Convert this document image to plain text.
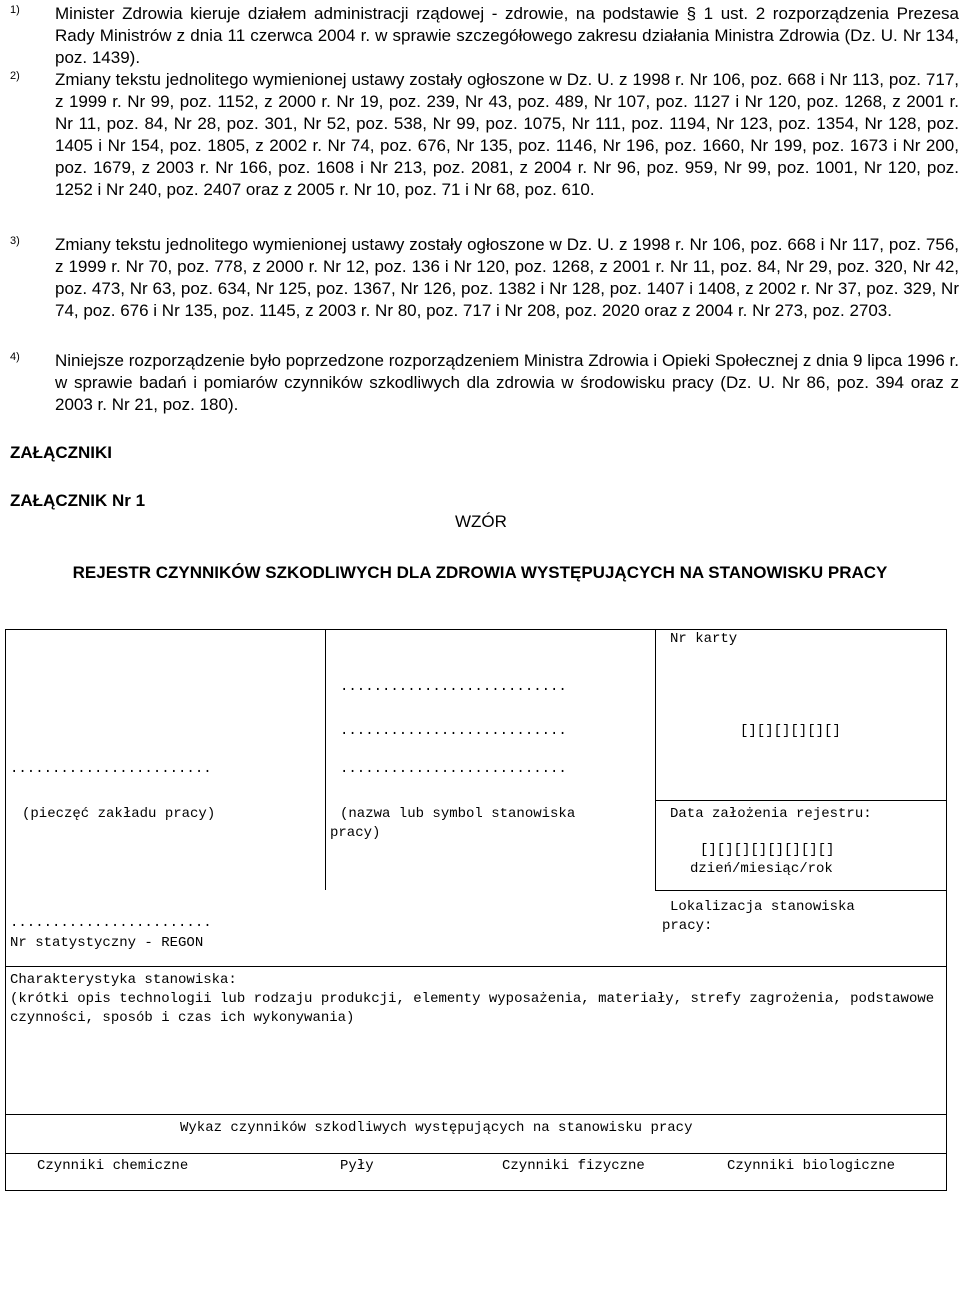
1) Minister Zdrowia kieruje działem administracji rządowej - zdrowie, na podstawie § 1 ust. 2 rozporządzenia Prezesa Rady Ministrów z dnia 11 czerwca 2004 r. w sprawie szczegółowego zakresu działania Ministra Zdrowia (Dz. U. Nr 134, poz. 1439).
2) Zmiany tekstu jednolitego wymienionej ustawy zostały ogłoszone w Dz. U. z 1998 r. Nr 106, poz. 668 i Nr 113, poz. 717, z 1999 r. Nr 99, poz. 1152, z 2000 r. Nr 19, poz. 239, Nr 43, poz. 489, Nr 107, poz. 1127 i Nr 120, poz. 1268, z 2001 r. Nr 11, poz. 84, Nr 28, poz. 301, Nr 52, poz. 538, Nr 99, poz. 1075, Nr 111, poz. 1194, Nr 123, poz. 1354, Nr 128, poz. 1405 i Nr 154, poz. 1805, z 2002 r. Nr 74, poz. 676, Nr 135, poz. 1146, Nr 196, poz. 1660, Nr 199, poz. 1673 i Nr 200, poz. 1679, z 2003 r. Nr 166, poz. 1608 i Nr 213, poz. 2081, z 2004 r. Nr 96, poz. 959, Nr 99, poz. 1001, Nr 120, poz. 1252 i Nr 240, poz. 2407 oraz z 2005 r. Nr 10, poz. 71 i Nr 68, poz. 610.
3) Zmiany tekstu jednolitego wymienionej ustawy zostały ogłoszone w Dz. U. z 1998 r. Nr 106, poz. 668 i Nr 117, poz. 756, z 1999 r. Nr 70, poz. 778, z 2000 r. Nr 12, poz. 136 i Nr 120, poz. 1268, z 2001 r. Nr 11, poz. 84, Nr 29, poz. 320, Nr 42, poz. 473, Nr 63, poz. 634, Nr 125, poz. 1367, Nr 126, poz. 1382 i Nr 128, poz. 1407 i 1408, z 2002 r. Nr 37, poz. 329, Nr 74, poz. 676 i Nr 135, poz. 1145, z 2003 r. Nr 80, poz. 717 i Nr 208, poz. 2020 oraz z 2004 r. Nr 273, poz. 2703.
4) Niniejsze rozporządzenie było poprzedzone rozporządzeniem Ministra Zdrowia i Opieki Społecznej z dnia 9 lipca 1996 r. w sprawie badań i pomiarów czynników szkodliwych dla zdrowia w środowisku pracy (Dz. U. Nr 86, poz. 394 oraz z 2003 r. Nr 21, poz. 180).
ZAŁĄCZNIKI
ZAŁĄCZNIK Nr 1
WZÓR
REJESTR CZYNNIKÓW SZKODLIWYCH DLA ZDROWIA WYSTĘPUJĄCYCH NA STANOWISKU PRACY
........................
(pieczęć zakładu pracy)
........................
Nr statystyczny - REGON
...........................
...........................
...........................
(nazwa lub symbol stanowiska pracy)
Nr karty
[][][][][][]
Data założenia rejestru:
[][][][][][][][]
dzień/miesiąc/rok
Lokalizacja stanowiska pracy:
Charakterystyka stanowiska:
(krótki opis technologii lub rodzaju produkcji, elementy wyposażenia, materiały, strefy zagrożenia, podstawowe czynności, sposób i czas ich wykonywania)
Wykaz czynników szkodliwych występujących na stanowisku pracy
Czynniki chemiczne	Pyły	Czynniki fizyczne	Czynniki biologiczne
